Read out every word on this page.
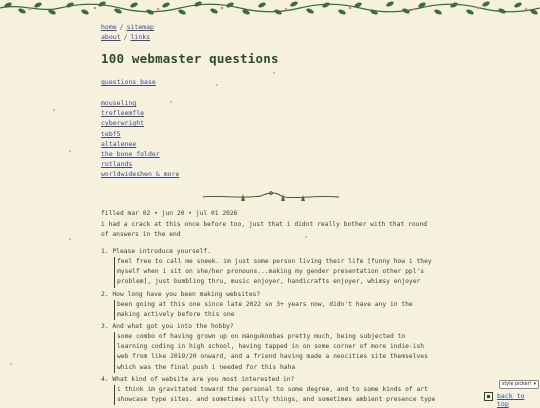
home / sitemap
about / links
100 webmaster questions
questions base
mouseling
trefleemfle
cyberwright
tebf5
altalenee
the bone folder
rotlands
worldwideshen & more
filled mar 02 • jun 20 • jul 01 2026
i had a crack at this once before too, just that i didnt really bother with that round of answers in the end
1. Please introduce yourself.
feel free to call me sneek. im just some person living their life [funny how i they myself when i sit on she/her pronouns...making my gender presentation other ppl's problem], just bumbling thru, music enjoyer, handicrafts enjoyer, whimsy enjoyer
2. How long have you been making websites?
been going at this one since late 2022 so 3+ years now, didn't have any in the making actively before this one
3. And what got you into the hobby?
some combo of having grown up on mángukoobas pretty much, being subjected to learning coding in high school, having tapped in on some corner of more indie-ish web from like 2019/20 onward, and a friend having made a neocities site themselves which was the final push i needed for this haha
4. What kind of website are you most interested in?
i think im gravitated toward the personal to some degree, and to some kinds of art showcase type sites. and sometimes silly things, and sometimes ambient presence type
style picker! ▾
back to top
